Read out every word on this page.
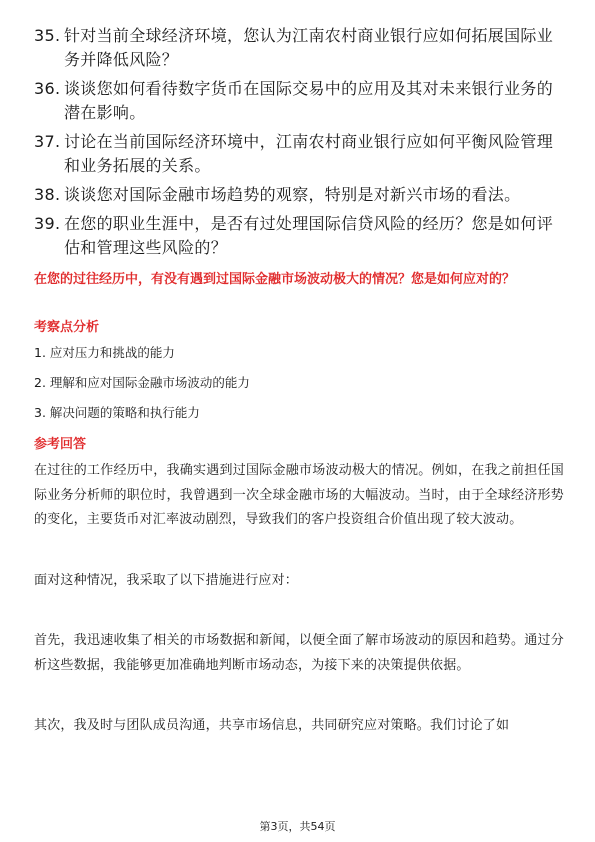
35. 针对当前全球经济环境，您认为江南农村商业银行应如何拓展国际业务并降低风险？
36. 谈谈您如何看待数字货币在国际交易中的应用及其对未来银行业务的潜在影响。
37. 讨论在当前国际经济环境中，江南农村商业银行应如何平衡风险管理和业务拓展的关系。
38. 谈谈您对国际金融市场趋势的观察，特别是对新兴市场的看法。
39. 在您的职业生涯中，是否有过处理国际信贷风险的经历？您是如何评估和管理这些风险的？

在您的过往经历中，有没有遇到过国际金融市场波动极大的情况？您是如何应对的？

考察点分析

1. 应对压力和挑战的能力
2. 理解和应对国际金融市场波动的能力
3. 解决问题的策略和执行能力

参考回答

在过往的工作经历中，我确实遇到过国际金融市场波动极大的情况。例如，在我之前担任国际业务分析师的职位时，我曾遇到一次全球金融市场的大幅波动。当时，由于全球经济形势的变化，主要货币对汇率波动剧烈，导致我们的客户投资组合价值出现了较大波动。

面对这种情况，我采取了以下措施进行应对：

首先，我迅速收集了相关的市场数据和新闻，以便全面了解市场波动的原因和趋势。通过分析这些数据，我能够更加准确地判断市场动态，为接下来的决策提供依据。

其次，我及时与团队成员沟通，共享市场信息，共同研究应对策略。我们讨论了如

第3页，共54页
